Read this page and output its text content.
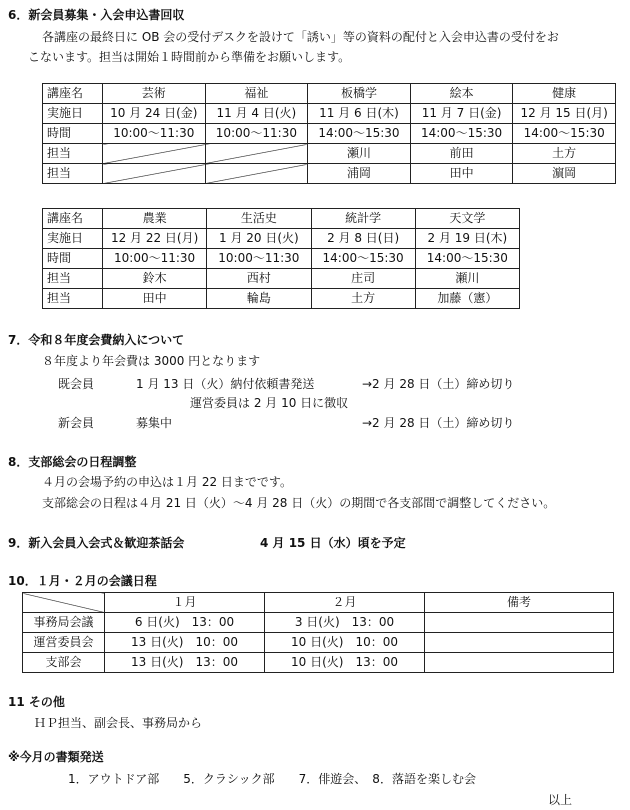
6．新会員募集・入会申込書回収
各講座の最終日に OB 会の受付デスクを設けて「誘い」等の資料の配付と入会申込書の受付をお
こないます。担当は開始１時間前から準備をお願いします。
講座名	芸術	福祉	板橋学	絵本	健康
実施日	10 月 24 日(金)	11 月 4 日(火)	11 月 6 日(木)	11 月 7 日(金)	12 月 15 日(月)
時間	10:00～11:30	10:00～11:30	14:00～15:30	14:00～15:30	14:00～15:30
担当			瀬川	前田	土方
担当			浦岡	田中	濵岡
講座名	農業	生活史	統計学	天文学
実施日	12 月 22 日(月)	1 月 20 日(火)	2 月 8 日(日)	2 月 19 日(木)
時間	10:00～11:30	10:00～11:30	14:00～15:30	14:00～15:30
担当	鈴木	西村	庄司	瀬川
担当	田中	輪島	土方	加藤（憲）
7．令和８年度会費納入について
８年度より年会費は 3000 円となります
既会員	1 月 13 日（火）納付依頼書発送	→2 月 28 日（土）締め切り
運営委員は 2 月 10 日に徴収
新会員	募集中	→2 月 28 日（土）締め切り
8．支部総会の日程調整
４月の会場予約の申込は１月 22 日までです。
支部総会の日程は４月 21 日（火）～4 月 28 日（火）の期間で各支部間で調整してください。
9．新入会員入会式＆歓迎茶話会	4 月 15 日（水）頃を予定
10．１月・２月の会議日程
	１月	２月	備考
事務局会議	6 日(火)　13：00	3 日(火)　13：00	
運営委員会	13 日(火)　10：00	10 日(火)　10：00	
支部会	13 日(火)　13：00	10 日(火)　13：00	
11 その他
ＨＰ担当、副会長、事務局から
※今月の書類発送
1．アウトドア部　　5．クラシック部　　7．俳遊会、　8．落語を楽しむ会
以上
